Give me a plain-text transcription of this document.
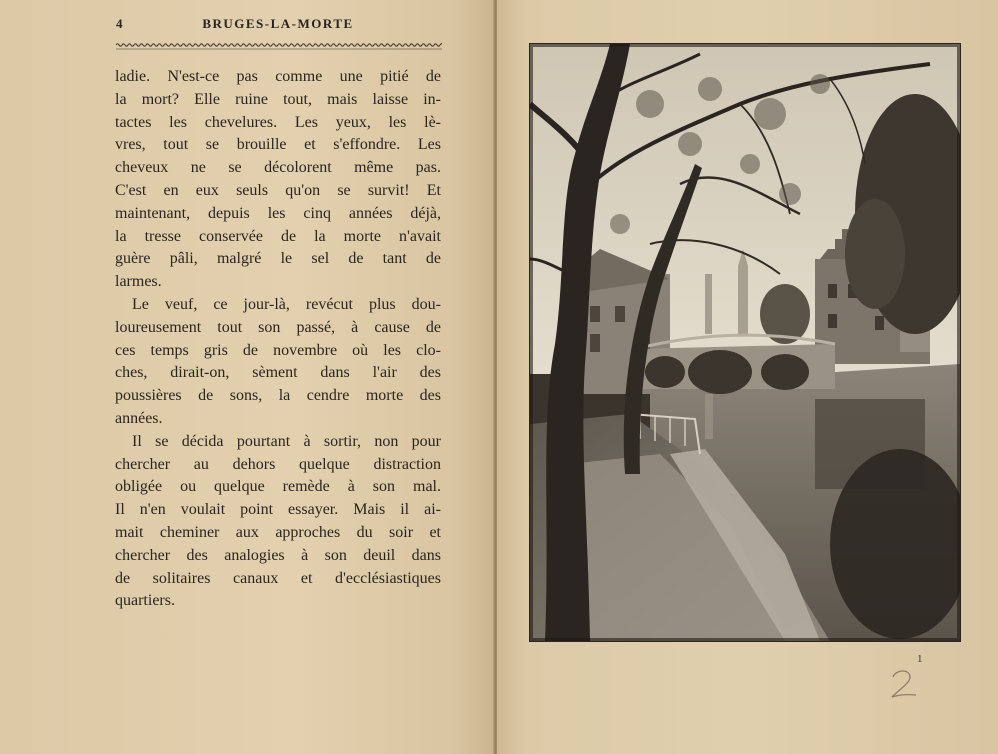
4	BRUGES-LA-MORTE
ladie. N'est-ce pas comme une pitié de
la mort? Elle ruine tout, mais laisse in-
tactes les chevelures. Les yeux, les lè-
vres, tout se brouille et s'effondre. Les
cheveux ne se décolorent même pas.
C'est en eux seuls qu'on se survit! Et
maintenant, depuis les cinq années déjà,
la tresse conservée de la morte n'avait
guère pâli, malgré le sel de tant de
larmes.
Le veuf, ce jour-là, revécut plus dou-
loureusement tout son passé, à cause de
ces temps gris de novembre où les clo-
ches, dirait-on, sèment dans l'air des
poussières de sons, la cendre morte des
années.
Il se décida pourtant à sortir, non pour
chercher au dehors quelque distraction
obligée ou quelque remède à son mal.
Il n'en voulait point essayer. Mais il ai-
mait cheminer aux approches du soir et
chercher des analogies à son deuil dans
de solitaires canaux et d'ecclésiastiques
quartiers.
1
